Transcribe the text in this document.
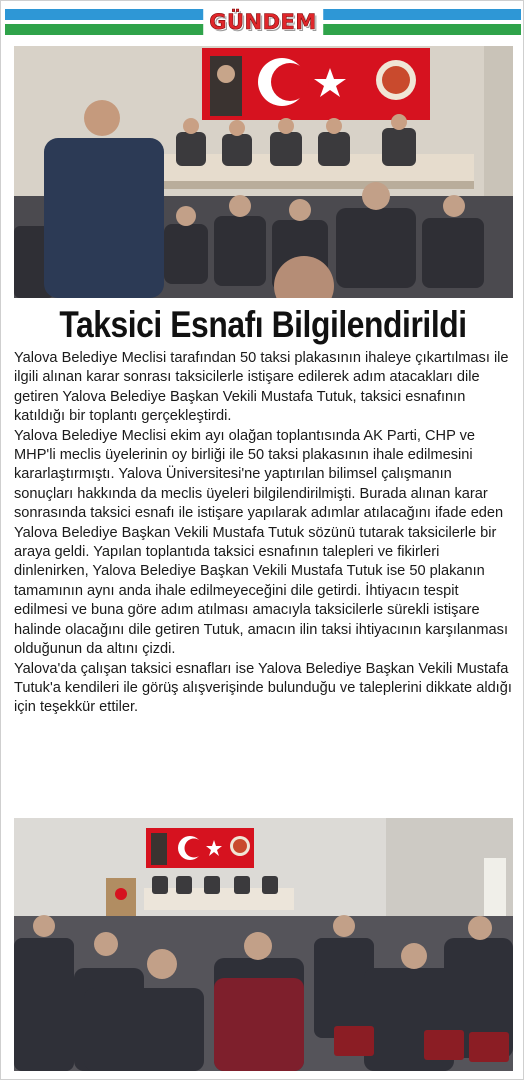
GÜNDEM
Taksici Esnafı Bilgilendirildi

Yalova Belediye Meclisi tarafından 50 taksi plakasının ihaleye çıkartılması ile ilgili alınan karar sonrası taksicilerle istişare edilerek adım atacakları dile getiren Yalova Belediye Başkan Vekili Mustafa Tutuk, taksici esnafının katıldığı bir toplantı gerçekleştirdi.

Yalova Belediye Meclisi ekim ayı olağan toplantısında AK Parti, CHP ve MHP'li meclis üyelerinin oy birliği ile 50 taksi plakasının ihale edilmesini kararlaştırmıştı. Yalova Üniversitesi'ne yaptırılan bilimsel çalışmanın sonuçları hakkında da meclis üyeleri bilgilendirilmişti. Burada alınan karar sonrasında taksici esnafı ile istişare yapılarak adımlar atılacağını ifade eden Yalova Belediye Başkan Vekili Mustafa Tutuk sözünü tutarak taksicilerle bir araya geldi. Yapılan toplantıda taksici esnafının talepleri ve fikirleri dinlenirken, Yalova Belediye Başkan Vekili Mustafa Tutuk ise 50 plakanın tamamının aynı anda ihale edilmeyeceğini dile getirdi. İhtiyacın tespit edilmesi ve buna göre adım atılması amacıyla taksicilerle sürekli istişare halinde olacağını dile getiren Tutuk, amacın ilin taksi ihtiyacının karşılanması olduğunun da altını çizdi.

Yalova'da çalışan taksici esnafları ise Yalova Belediye Başkan Vekili Mustafa Tutuk'a kendileri ile görüş alışverişinde bulunduğu ve taleplerini dikkate aldığı için teşekkür ettiler.
